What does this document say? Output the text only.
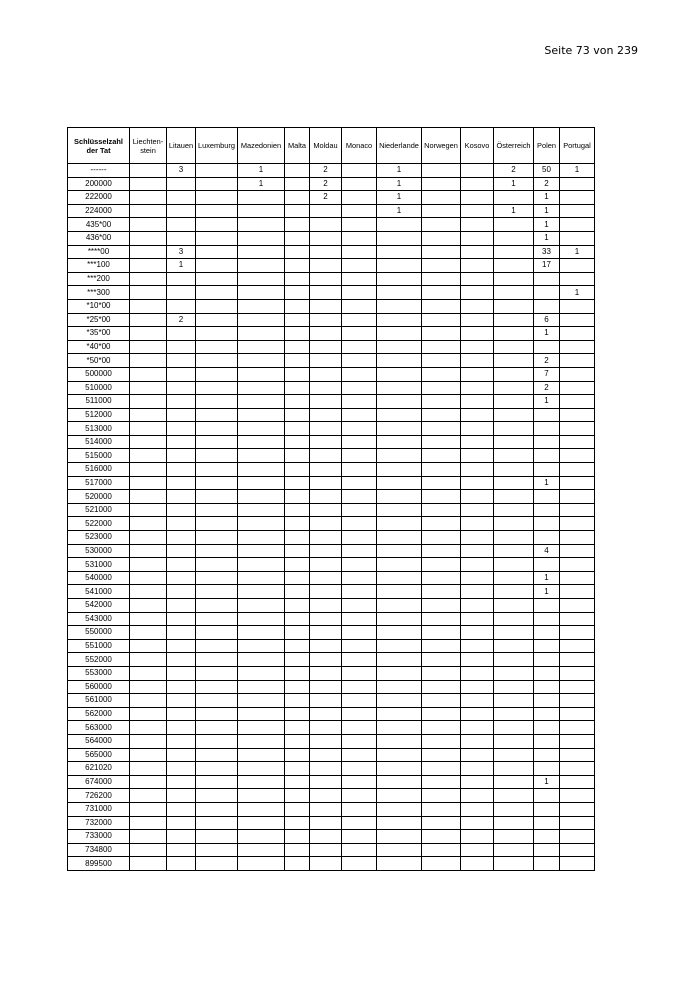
Seite 73 von 239
Schlüsselzahl der Tat	Liechten-stein	Litauen	Luxemburg	Mazedonien	Malta	Moldau	Monaco	Niederlande	Norwegen	Kosovo	Österreich	Polen	Portugal
------		3		1		2		1			2	50	1
200000				1		2		1			1	2	
222000						2		1				1	
224000								1			1	1	
435*00												1	
436*00												1	
****00		3										33	1
***100		1										17	
***200													
***300													1
*10*00													
*25*00		2										6	
*35*00												1	
*40*00													
*50*00												2	
500000												7	
510000												2	
511000												1	
512000													
513000													
514000													
515000													
516000													
517000												1	
520000													
521000													
522000													
523000													
530000												4	
531000													
540000												1	
541000												1	
542000													
543000													
550000													
551000													
552000													
553000													
560000													
561000													
562000													
563000													
564000													
565000													
621020													
674000												1	
726200													
731000													
732000													
733000													
734800													
899500													
